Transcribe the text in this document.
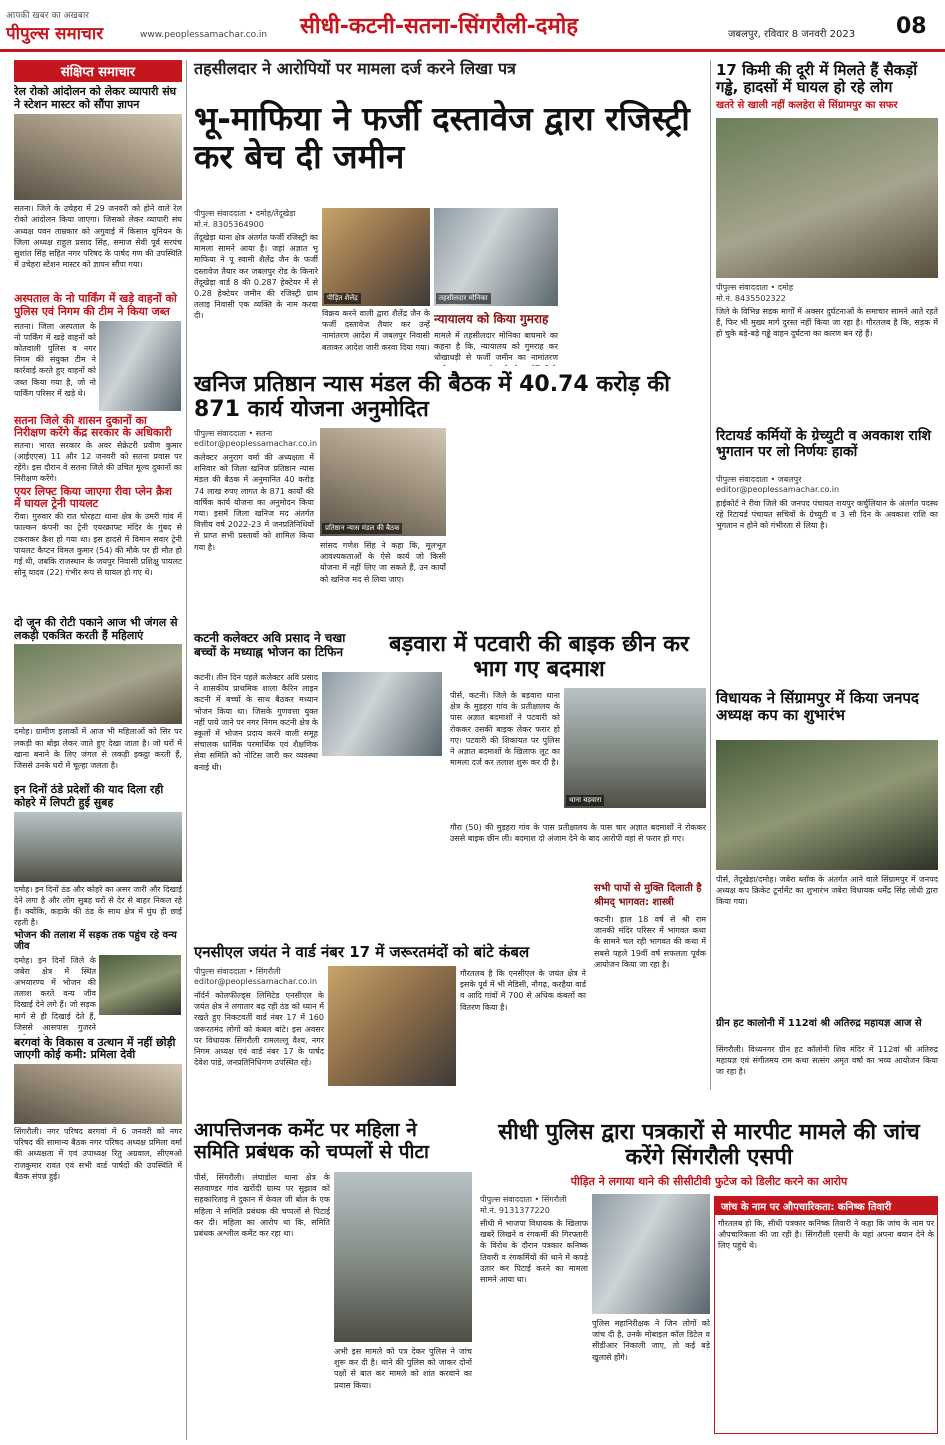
आपकी खबर का अखबार
पीपुल्स समाचार	www.peoplessamachar.co.in सीधी-कटनी-सतना-सिंगरौली-दमोह	जबलपुर, रविवार 8 जनवरी 2023 08
संक्षिप्त समाचार
रेल रोको आंदोलन को लेकर व्यापारी संघ ने स्टेशन मास्टर को सौंपा ज्ञापन
सतना। जिले के उचेहरा में 29 जनवरी को होने वाले रेल रोको आंदोलन किया जाएगा। जिसको लेकर व्यापारी संघ अध्यक्ष पवन ताम्रकार को अगुवाई में किसान यूनियन के जिला अध्यक्ष राहुल प्रसाद सिंह, समाज सेवी पूर्व सरपंच सुशांत सिंह सहित नगर परिषद के पार्षद गण की उपस्थिति में उचेहरा स्टेशन मास्टर को ज्ञापन सौंपा गया।
अस्पताल के नो पार्किंग में खड़े वाहनों को पुलिस एवं निगम की टीम ने किया जब्त
सतना। जिला अस्पताल के नो पार्किंग में खड़े वाहनों को कोतवाली पुलिस व नगर निगम की संयुक्त टीम ने कार्रवाई करते हुए वाहनों को जब्त किया गया है, जो नो पार्किंग परिसर में खड़े थे।
सतना जिले की शासन दुकानों का निरीक्षण करेंगे केंद्र सरकार के अधिकारी
सतना। भारत सरकार के अवर सेक्रेटरी प्रवीण कुमार (आईएएस) 11 और 12 जनवरी को सतना प्रवास पर रहेंगे। इस दौरान वे सतना जिले की उचित मूल्य दुकानों का निरीक्षण करेंगे।
एयर लिफ्ट किया जाएगा रीवा प्लेन क्रैश में घायल ट्रेनी पायलट
रीवा। गुरुवार की रात चोरहटा थाना क्षेत्र के उमरी गांव में फाल्कन कंपनी का ट्रेनी एयरक्राफ्ट मंदिर के गुंबद से टकराकर क्रैश हो गया था। इस हादसे में विमान सवार ट्रेनी पायलट कैप्टन विमल कुमार (54) की मौके पर ही मौत हो गई थी, जबकि राजस्थान के जयपुर निवासी प्रशिक्षु पायलट सोनू यादव (22) गंभीर रूप से घायल हो गए थे।
दो जून की रोटी पकाने आज भी जंगल से लकड़ी एकत्रित करती हैं महिलाएं
दमोह। ग्रामीण इलाकों में आज भी महिलाओं को सिर पर लकड़ी का बोझ लेकर जाते हुए देखा जाता है। जो घरों में खाना बनाने के लिए जंगल से लकड़ी इकट्ठा करती हैं, जिससे उनके घरों में चूल्हा जलता है।
इन दिनों ठंडे प्रदेशों की याद दिला रही कोहरे में लिपटी हुई सुबह
दमोह। इन दिनों ठंड और कोहरे का असर जारी और दिखाई देने लगा है और लोग सुबह घरों से देर से बाहर निकल रहे हैं। क्योंकि, कड़ाके की ठंड के साथ क्षेत्र में घुंध ही छाई रहती है।
भोजन की तलाश में सड़क तक पहुंच रहे वन्य जीव
दमोह। इन दिनों जिले के जबेरा क्षेत्र में स्थित अभयारण्य में भोजन की तलाश करते वन्य जीव दिखाई देने लगे हैं। जो सड़क मार्ग से ही दिखाई देते हैं, जिससे आसपास गुजरने
बरगवां के विकास व उत्थान में नहीं छोड़ी जाएगी कोई कमी: प्रमिला देवी
सिंगरौली। नगर परिषद बरगवां में 6 जनवरी को नगर परिषद की सामान्य बैठक नगर परिषद अध्यक्ष प्रमिला वर्मा की अध्यक्षता में एवं उपाध्यक्ष रितु अग्रवाल, सीएमओ राजकुमार रावत एवं सभी वार्ड पार्षदों की उपस्थिति में बैठक संपन्न हुई।
तहसीलदार ने आरोपियों पर मामला दर्ज करने लिखा पत्र
भू-माफिया ने फर्जी दस्तावेज द्वारा रजिस्ट्री कर बेच दी जमीन
पीपुल्स संवाददाता • दमोह/तेंदूखेड़ा
मो.नं. 8305364900
तेंदूखेड़ा थाना क्षेत्र अंतर्गत फर्जी रजिस्ट्री का मामला सामने आया है। जहां अज्ञात भू माफिया ने पू स्वामी शैलेंद्र जैन के फर्जी दस्तावेज तैयार कर जबलपुर रोड के किनारे तेंदूखेड़ा वार्ड 8 की 0.287 हेक्टेयर में से 0.28 हेक्टेयर जमीन की रजिस्ट्री ग्राम तलाइ निवासी एक व्यक्ति के नाम करवा दी।
पीड़ित शैलेंद्र	तहसीलदार मोनिका
विक्रय करने वाली द्वारा शैलेंद्र जैन के फर्जी दस्तावेज तैयार कर उन्हें नामांतरण आदेश में जबलपुर निवासी बताकर आदेश जारी करवा दिया गया।
न्यायालय को किया गुमराह
मामले में तहसीलदार मोनिका बाघमारे का कहना है कि, न्यायालय को गुमराह कर धोखाधड़ी से फर्जी जमीन का नामांतरण
खनिज प्रतिष्ठान न्यास मंडल की बैठक में 40.74 करोड़ की 871 कार्य योजना अनुमोदित
पीपुल्स संवाददाता • सतना
editor@peoplessamachar.co.in
कलेक्टर अनुराग वर्मा की अध्यक्षता में शनिवार को जिला खनिज प्रतिष्ठान न्यास मंडल की बैठक में अनुमानित 40 करोड़ 74 लाख रुपए लागत के 871 कार्यों की वार्षिक कार्य योजना का अनुमोदन किया गया। इसमें जिला खनिज मद अंतर्गत वित्तीय वर्ष 2022-23 में जनप्रतिनिधियों से प्राप्त सभी प्रस्तावों को शामिल किया गया है।
प्रतिष्ठान न्यास मंडल की बैठक
सांसद गणेश सिंह ने कहा कि, मूलभूत आवश्यकताओं के ऐसे कार्य जो किसी योजना में नहीं लिए जा सकते हैं, उन कार्यों को खनिज मद से लिया जाए।
कटनी कलेक्टर अवि प्रसाद ने चखा बच्चों के मध्याह्न भोजन का टिफिन
कटनी। तीन दिन पहले कलेक्टर अवि प्रसाद ने शासकीय प्राथमिक शाला कैरिन लाइन कटनी में बच्चों के साथ बैठकर मध्यान भोजन किया था। जिसके गुणवत्ता युक्त नहीं पाये जाने पर नगर निगम कटनी क्षेत्र के स्कूलों में भोजन प्रदाय करने वाली समूह संचालक धार्मिक परमार्थिक एवं शैक्षणिक सेवा समिति को नोटिस जारी कर व्यवस्था बनाई थी।
बड़वारा में पटवारी की बाइक छीन कर भाग गए बदमाश
पीर्स, कटनी। जिले के बड़वारा थाना क्षेत्र के मुड़हरा गांव के प्रतीक्षालय के पास अज्ञात बदमाशों ने पटवारी को रोककर उसकी बाइक लेकर फरार हो गए। पटवारी की शिकायत पर पुलिस ने अज्ञात बदमाशों के खिलाफ लूट का मामला दर्ज कर तलाश शुरू कर दी है।
थाना बड़वारा
गौरा (50) की मुड़हरा गांव के पास प्रतीक्षालय के पास चार अज्ञात बदमाशों ने रोककर उससे बाइक छीन ली। बदमाश दो अंजाम देने के बाद आरोपी वहां से फरार हो गए।
सभी पापों से मुक्ति दिलाती है श्रीमद् भागवत: शास्त्री
कटनी। हाल 18 वर्ष से श्री राम जानकी मंदिर परिसर में भागवत कथा के सामने चल रही भागवत की कथा में सबसे पहले 19वीं वर्ष सफलता पूर्वक आयोजन किया जा रहा है।
एनसीएल जयंत ने वार्ड नंबर 17 में जरूरतमंदों को बांटे कंबल
पीपुल्स संवाददाता • सिंगरौली
editor@peoplessamachar.co.in
नॉर्दर्न कोलफील्ड्स लिमिटेड एनसीएल के जयंत क्षेत्र ने लगातार बढ़ रही ठंड को ध्यान में रखते हुए निकटवर्ती वार्ड नंबर 17 में 160 जरूरतमंद लोगों को कंबल बांटे। इस अवसर पर विधायक सिंगरौली रामलल्लू वैश्य, नगर निगम अध्यक्ष एवं वार्ड नंबर 17 के पार्षद देवेश पांडे, जनप्रतिनिधिगण उपस्थित रहे।
गौरतलब है कि एनसीएल के जयंत क्षेत्र ने इसके पूर्व में भी मेडिसी, नौगढ़, करहैया वार्ड व आदि गांवों में 700 से अधिक कंबलों का वितरण किया है।
आपत्तिजनक कमेंट पर महिला ने समिति प्रबंधक को चप्पलों से पीटा
पीर्स, सिंगरौली। लंघाडोल थाना क्षेत्र के सतवाण्डर गांव खरोंदी ग्राम्य पर सुझाव को सहकारिताइ मे दुकान में केवल जी बोल के एक महिला ने समिति प्रबंधक की चप्पलों से पिटाई कर दी। महिला का आरोप था कि, समिति प्रबंधक अश्लील कमेंट कर रहा था।
अभी इस मामले को पत्र देकर पुलिस ने जांच शुरू कर दी है। थाने की पुलिस को जाकर दोनों पक्षों से बात कर मामले को शांत करवाने का प्रयास किया।
17 किमी की दूरी में मिलते हैं सैकड़ों गड्ढे, हादसों में घायल हो रहे लोग
खतरे से खाली नहीं कलहेरा से सिंग्रामपुर का सफर
पीपुल्स संवाददाता • दमोह
मो.नं. 8435502322
जिले के विभिन्न सड़क मार्गों में अक्सर दुर्घटनाओं के समाचार सामने आते रहते हैं, फिर भी मुख्य मार्ग दुरस्त नहीं किया जा रहा है। गौरतलब है कि, सड़क में हो चुके बड़े-बड़े गड्ढे वाहन दुर्घटना का कारण बन रहे हैं।
रिटायर्ड कर्मियों के ग्रेच्युटी व अवकाश राशि भुगतान पर लो निर्णयः हाकों
पीपुल्स संवाददाता • जबलपुर
editor@peoplessamachar.co.in
हाईकोर्ट ने रीवा जिले की जनपद पंचायत रायपुर कर्चुलियान के अंतर्गत पदस्थ रहे रिटायर्ड पंचायत सचिवों के ग्रेच्युटी व 3 सौ दिन के अवकाश राशि का भुगतान न होने को गंभीरता से लिया है।
विधायक ने सिंग्रामपुर में किया जनपद अध्यक्ष कप का शुभारंभ
पीर्स, तेंदूखेड़ा/दमोह। जबेरा ब्लॉक के अंतर्गत आने वाले सिंग्रामपुर में जनपद अध्यक्ष कप क्रिकेट टूर्नामेंट का शुभारंभ जबेरा विधायक धर्मेंद्र सिंह लोधी द्वारा किया गया।
ग्रीन हट कालोनी में 112वां श्री अतिरुद्र महायज्ञ आज से
सिंगरौली। विध्यनगर ग्रीन हट कॉलोनी शिव मंदिर में 112वां श्री अतिरुद्र महायज्ञ एवं संगीतमय राम कथा सत्संग अमृत वर्षा का भव्य आयोजन किया जा रहा है।
सीधी पुलिस द्वारा पत्रकारों से मारपीट मामले की जांच करेंगे सिंगरौली एसपी
पीड़ित ने लगाया थाने की सीसीटीवी फुटेज को डिलीट करने का आरोप
पीपुल्स संवाददाता • सिंगरौली
मो.नं. 9131377220
सीधी में भाजपा विधायक के खिलाफ खबरें लिखने व रंगकर्मी की गिरफ्तारी के विरोध के दौरान पत्रकार कनिष्क तिवारी व रंगकर्मियों की थाने में कपड़े उतार कर पिटाई करने का मामला सामने आया था।
पुलिस महानिरीक्षक ने जिन लोगों को जांच दी है, उनके मोबाइल कॉल डिटेल व सीडीआर निकाली जाए, तो कई बड़े खुलासे होंगे।
जांच के नाम पर औपचारिकता: कनिष्क तिवारी
गौरतलब हो कि, सीधी पत्रकार कनिष्क तिवारी ने कहा कि जांच के नाम पर औपचारिकता की जा रही है। सिंगरौली एसपी के यहां अपना बयान देने के लिए पहुंचे थे।
